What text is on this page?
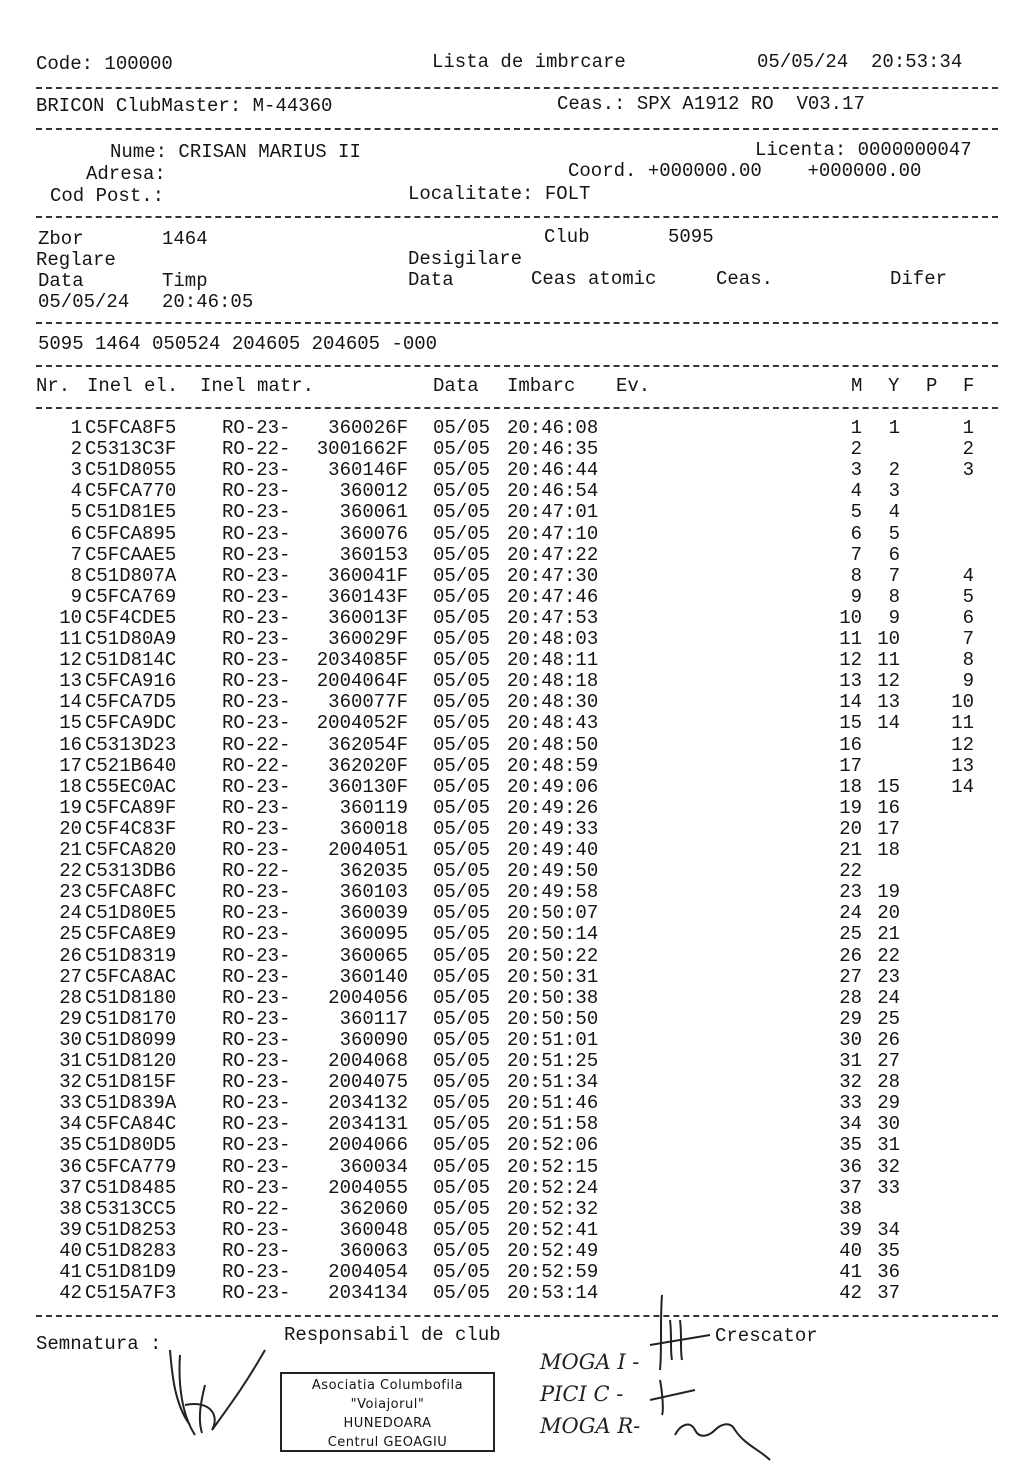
Code: 100000	Lista de imbrcare	05/05/24  20:53:34
BRICON ClubMaster: M-44360	Ceas.: SPX A1912 RO  V03.17
Nume: CRISAN MARIUS II	Licenta: 0000000047
Adresa:	Coord. +000000.00    +000000.00
Cod Post.:	Localitate: FOLT
Zbor	1464	Club	5095
Reglare	Desigilare
Data	Timp	Data	Ceas atomic	Ceas.	Difer
05/05/24 20:46:05
5095 1464 050524 204605 204605 -000
Nr. Inel el. Inel matr.	Data Imbarc Ev.	M Y P F
1 C5FCA8F5 RO-23- 360026F 05/05 20:46:08	1 1	1
2 C5313C3F RO-22- 3001662F 05/05 20:46:35	2	2
3 C51D8055 RO-23- 360146F 05/05 20:46:44	3 2	3
4 C5FCA770 RO-23-	360012 05/05 20:46:54	4 3
5 C51D81E5 RO-23-	360061 05/05 20:47:01	5 4
6 C5FCA895 RO-23-	360076 05/05 20:47:10	6 5
7 C5FCAAE5 RO-23-	360153 05/05 20:47:22	7 6
8 C51D807A RO-23- 360041F 05/05 20:47:30	8 7	4
9 C5FCA769 RO-23- 360143F 05/05 20:47:46	9 8	5
10 C5F4CDE5 RO-23- 360013F 05/05 20:47:53	10 9	6
11 C51D80A9 RO-23- 360029F 05/05 20:48:03	11 10	7
12 C51D814C RO-23- 2034085F 05/05 20:48:11	12 11	8
13 C5FCA916 RO-23- 2004064F 05/05 20:48:18	13 12	9
14 C5FCA7D5 RO-23- 360077F 05/05 20:48:30	14 13	10
15 C5FCA9DC RO-23- 2004052F 05/05 20:48:43	15 14	11
16 C5313D23 RO-22- 362054F 05/05 20:48:50	16	12
17 C521B640 RO-22- 362020F 05/05 20:48:59	17	13
18 C55EC0AC RO-23- 360130F 05/05 20:49:06	18 15	14
19 C5FCA89F RO-23-	360119 05/05 20:49:26	19 16
20 C5F4C83F RO-23-	360018 05/05 20:49:33	20 17
21 C5FCA820 RO-23- 2004051 05/05 20:49:40	21 18
22 C5313DB6 RO-22-	362035 05/05 20:49:50	22
23 C5FCA8FC RO-23-	360103 05/05 20:49:58	23 19
24 C51D80E5 RO-23-	360039 05/05 20:50:07	24 20
25 C5FCA8E9 RO-23-	360095 05/05 20:50:14	25 21
26 C51D8319 RO-23-	360065 05/05 20:50:22	26 22
27 C5FCA8AC RO-23-	360140 05/05 20:50:31	27 23
28 C51D8180 RO-23- 2004056 05/05 20:50:38	28 24
29 C51D8170 RO-23-	360117 05/05 20:50:50	29 25
30 C51D8099 RO-23-	360090 05/05 20:51:01	30 26
31 C51D8120 RO-23- 2004068 05/05 20:51:25	31 27
32 C51D815F RO-23- 2004075 05/05 20:51:34	32 28
33 C51D839A RO-23- 2034132 05/05 20:51:46	33 29
34 C5FCA84C RO-23- 2034131 05/05 20:51:58	34 30
35 C51D80D5 RO-23- 2004066 05/05 20:52:06	35 31
36 C5FCA779 RO-23-	360034 05/05 20:52:15	36 32
37 C51D8485 RO-23- 2004055 05/05 20:52:24	37 33
38 C5313CC5 RO-22-	362060 05/05 20:52:32	38
39 C51D8253 RO-23-	360048 05/05 20:52:41	39 34
40 C51D8283 RO-23-	360063 05/05 20:52:49	40 35
41 C51D81D9 RO-23- 2004054 05/05 20:52:59	41 36
42 C515A7F3 RO-23- 2034134 05/05 20:53:14	42 37
Semnatura :	Responsabil de club	Crescator
Asociatia Columbofila
"Voiajorul"
HUNEDOARA
Centrul GEOAGIU
MOGA I -
PICI C -
MOGA R-
